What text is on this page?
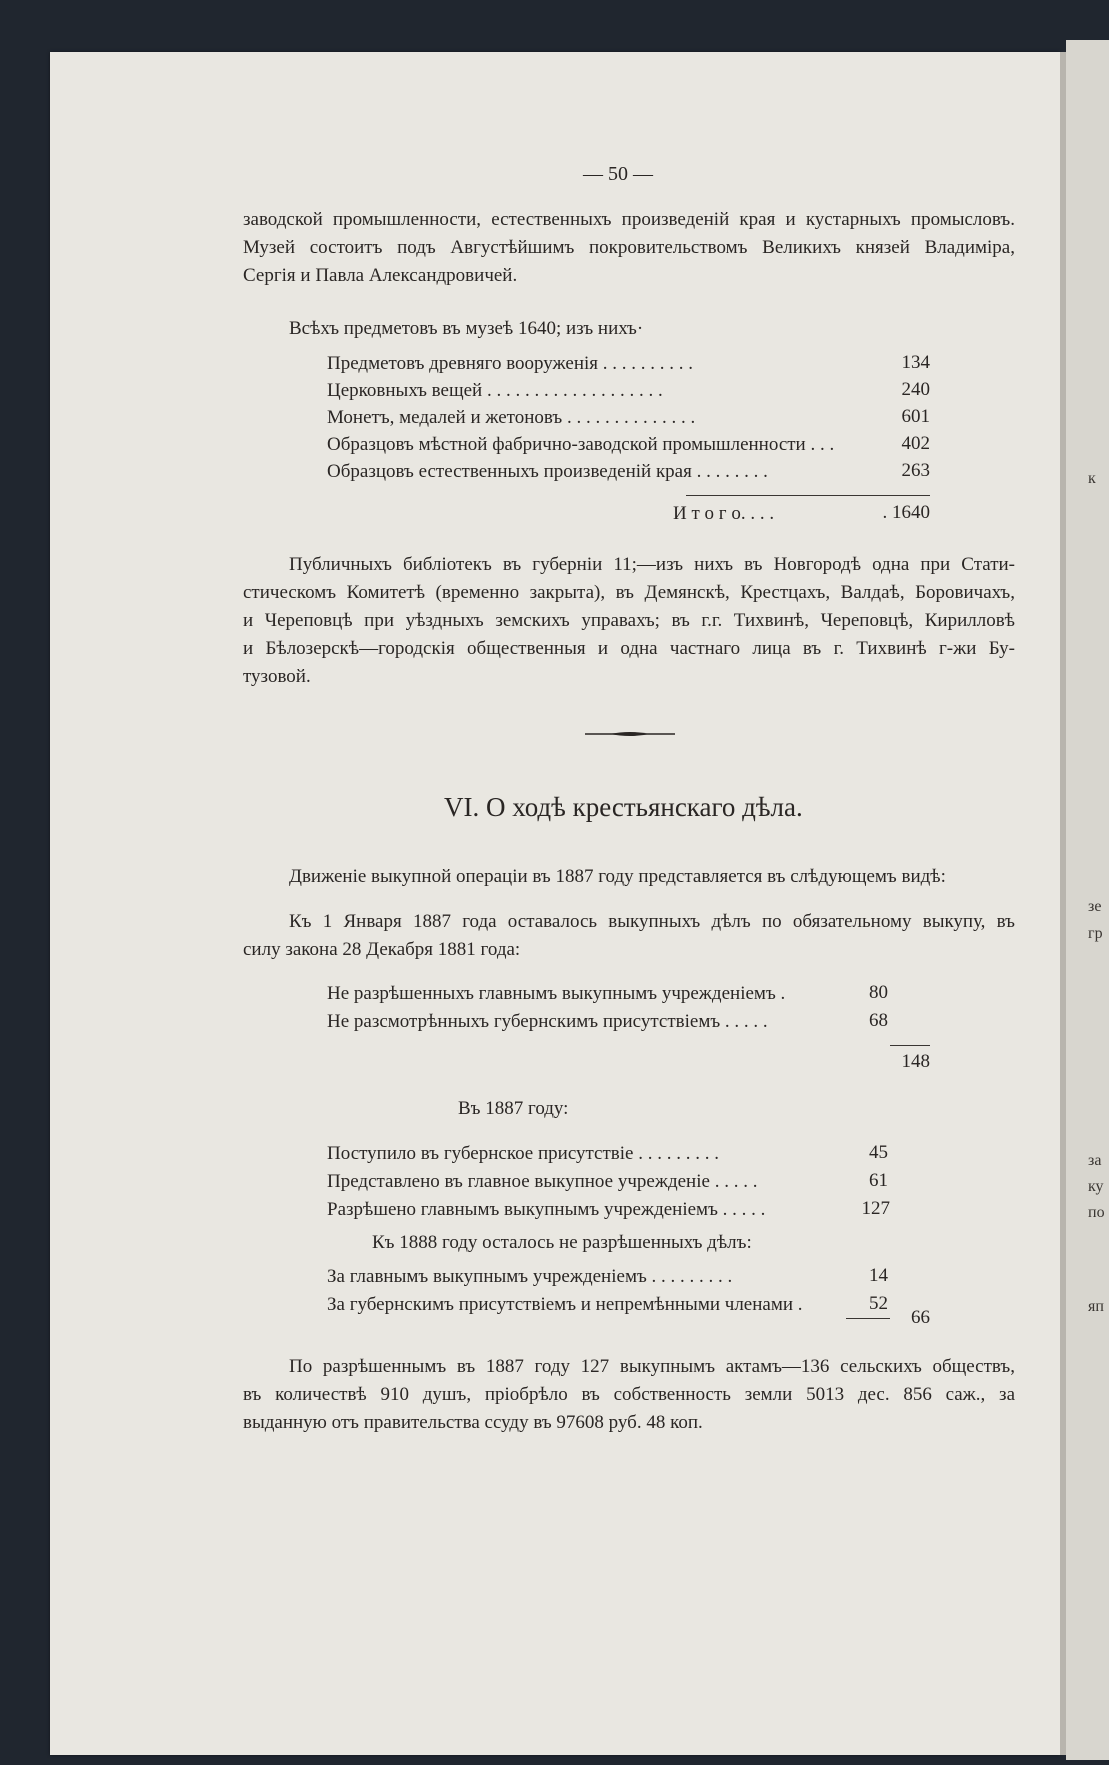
к
зе
гр
за
ку
по
яп
— 50 —
заводской промышленности, естественныхъ произведеній края и кустарныхъ промысловъ.
Музей состоитъ подъ Августѣйшимъ покровительствомъ Великихъ князей Владиміра,
Сергія и Павла Александровичей.
Всѣхъ предметовъ въ музеѣ 1640; изъ нихъ·
Предметовъ древняго вооруженія . . . . . . . . . .	134
Церковныхъ вещей . . . . . . . . . . . . . . . . . . .	240
Монетъ, медалей и жетоновъ . . . . . . . . . . . . . .	601
Образцовъ мѣстной фабрично-заводской промышленности . . .	402
Образцовъ естественныхъ произведеній края . . . . . . . .	263
И т о г о. . . .	. 1640
Публичныхъ библіотекъ въ губерніи 11;—изъ нихъ въ Новгородѣ одна при Стати-
стическомъ Комитетѣ (временно закрыта), въ Демянскѣ, Крестцахъ, Валдаѣ, Боровичахъ,
и Череповцѣ при уѣздныхъ земскихъ управахъ; въ г.г. Тихвинѣ, Череповцѣ, Кирилловѣ
и Бѣлозерскѣ—городскія общественныя и одна частнаго лица въ г. Тихвинѣ г-жи Бу-
тузовой.
VI. О ходѣ крестьянскаго дѣла.
Движеніе выкупной операціи въ 1887 году представляется въ слѣдующемъ видѣ:
Къ 1 Января 1887 года оставалось выкупныхъ дѣлъ по обязательному выкупу, въ
силу закона 28 Декабря 1881 года:
Не разрѣшенныхъ главнымъ выкупнымъ учрежденіемъ .	80
Не разсмотрѣнныхъ губернскимъ присутствіемъ . . . . .	68
148
Въ 1887 году:
Поступило въ губернское присутствіе . . . . . . . . .	45
Представлено въ главное выкупное учрежденіе . . . . .	61
Разрѣшено главнымъ выкупнымъ учрежденіемъ . . . . .	127
Къ 1888 году осталось не разрѣшенныхъ дѣлъ:
За главнымъ выкупнымъ учрежденіемъ . . . . . . . . .	14
За губернскимъ присутствіемъ и непремѣнными членами .	52
66
По разрѣшеннымъ въ 1887 году 127 выкупнымъ актамъ—136 сельскихъ обществъ,
въ количествѣ 910 душъ, пріобрѣло въ собственность земли 5013 дес. 856 саж., за
выданную отъ правительства ссуду въ 97608 руб. 48 коп.
